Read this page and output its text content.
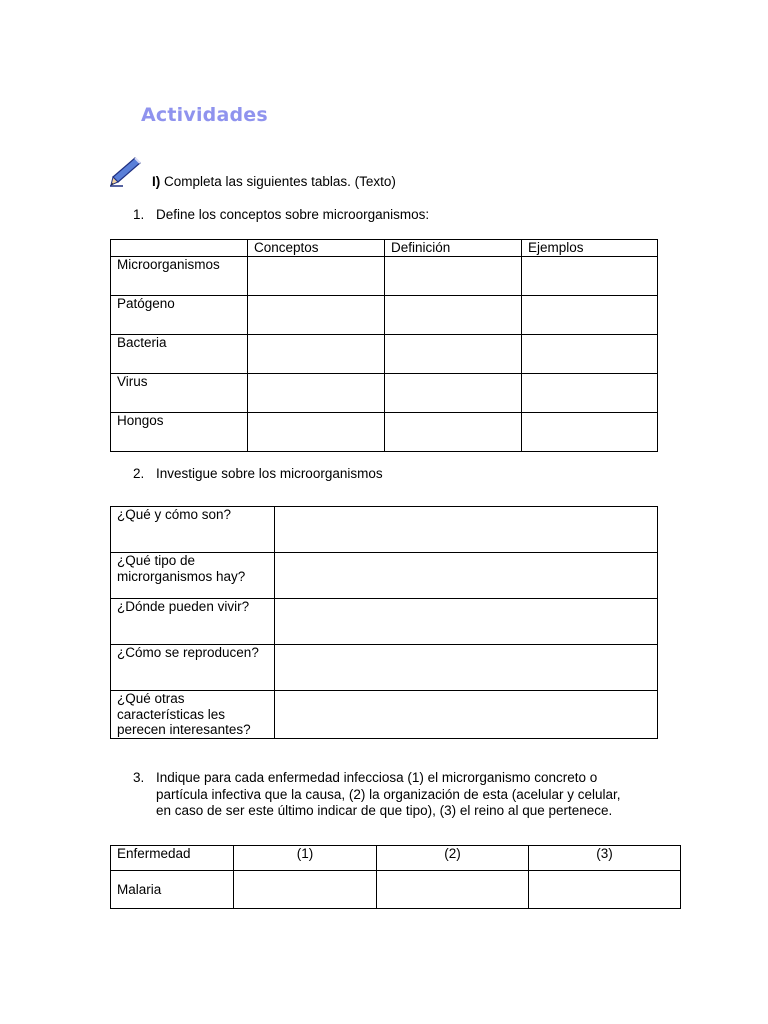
Actividades
I) Completa las siguientes tablas. (Texto)
1. Define los conceptos sobre microorganismos:
	Conceptos	Definición	Ejemplos
Microorganismos			
Patógeno			
Bacteria			
Virus			
Hongos			
2. Investigue sobre los microorganismos
¿Qué y cómo son?	
¿Qué tipo de microrganismos hay?	
¿Dónde pueden vivir?	
¿Cómo se reproducen?	
¿Qué otras características les perecen interesantes?	
3. Indique para cada enfermedad infecciosa (1) el microrganismo concreto o
partícula infectiva que la causa, (2) la organización de esta (acelular y celular,
en caso de ser este último indicar de que tipo), (3) el reino al que pertenece.
Enfermedad	(1)	(2)	(3)
Malaria			
